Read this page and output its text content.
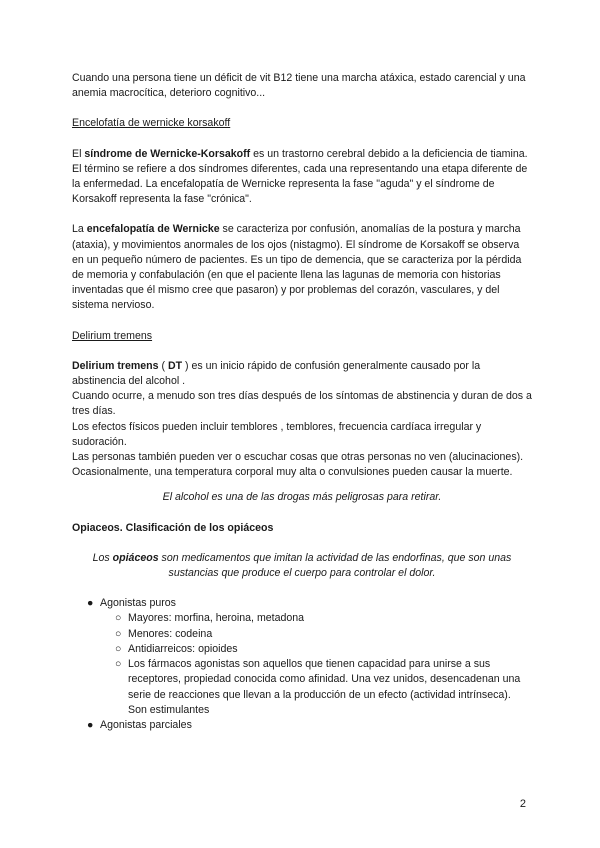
Cuando una persona tiene un déficit de vit B12 tiene una marcha atáxica, estado carencial y una anemia macrocítica, deterioro cognitivo...

Encelofatía de wernicke korsakoff

El síndrome de Wernicke-Korsakoff es un trastorno cerebral debido a la deficiencia de tiamina. El término se refiere a dos síndromes diferentes, cada una representando una etapa diferente de la enfermedad. La encefalopatía de Wernicke representa la fase "aguda" y el síndrome de Korsakoff representa la fase "crónica".

La encefalopatía de Wernicke se caracteriza por confusión, anomalías de la postura y marcha (ataxia), y movimientos anormales de los ojos (nistagmo). El síndrome de Korsakoff se observa en un pequeño número de pacientes. Es un tipo de demencia, que se caracteriza por la pérdida de memoria y confabulación (en que el paciente llena las lagunas de memoria con historias inventadas que él mismo cree que pasaron) y por problemas del corazón, vasculares, y del sistema nervioso.

Delirium tremens

Delirium tremens ( DT ) es un inicio rápido de confusión generalmente causado por la abstinencia del alcohol .

Cuando ocurre, a menudo son tres días después de los síntomas de abstinencia y duran de dos a tres días.

Los efectos físicos pueden incluir temblores , temblores, frecuencia cardíaca irregular y sudoración.

Las personas también pueden ver o escuchar cosas que otras personas no ven (alucinaciones).

Ocasionalmente, una temperatura corporal muy alta o convulsiones pueden causar la muerte.

El alcohol es una de las drogas más peligrosas para retirar.

Opiaceos. Clasificación de los opiáceos

Los opiáceos son medicamentos que imitan la actividad de las endorfinas, que son unas sustancias que produce el cuerpo para controlar el dolor.

● Agonistas puros
○ Mayores: morfina, heroina, metadona
○ Menores: codeina
○ Antidiarreicos: opioides
○ Los fármacos agonistas son aquellos que tienen capacidad para unirse a sus receptores, propiedad conocida como afinidad. Una vez unidos, desencadenan una serie de reacciones que llevan a la producción de un efecto (actividad intrínseca). Son estimulantes
● Agonistas parciales
2
